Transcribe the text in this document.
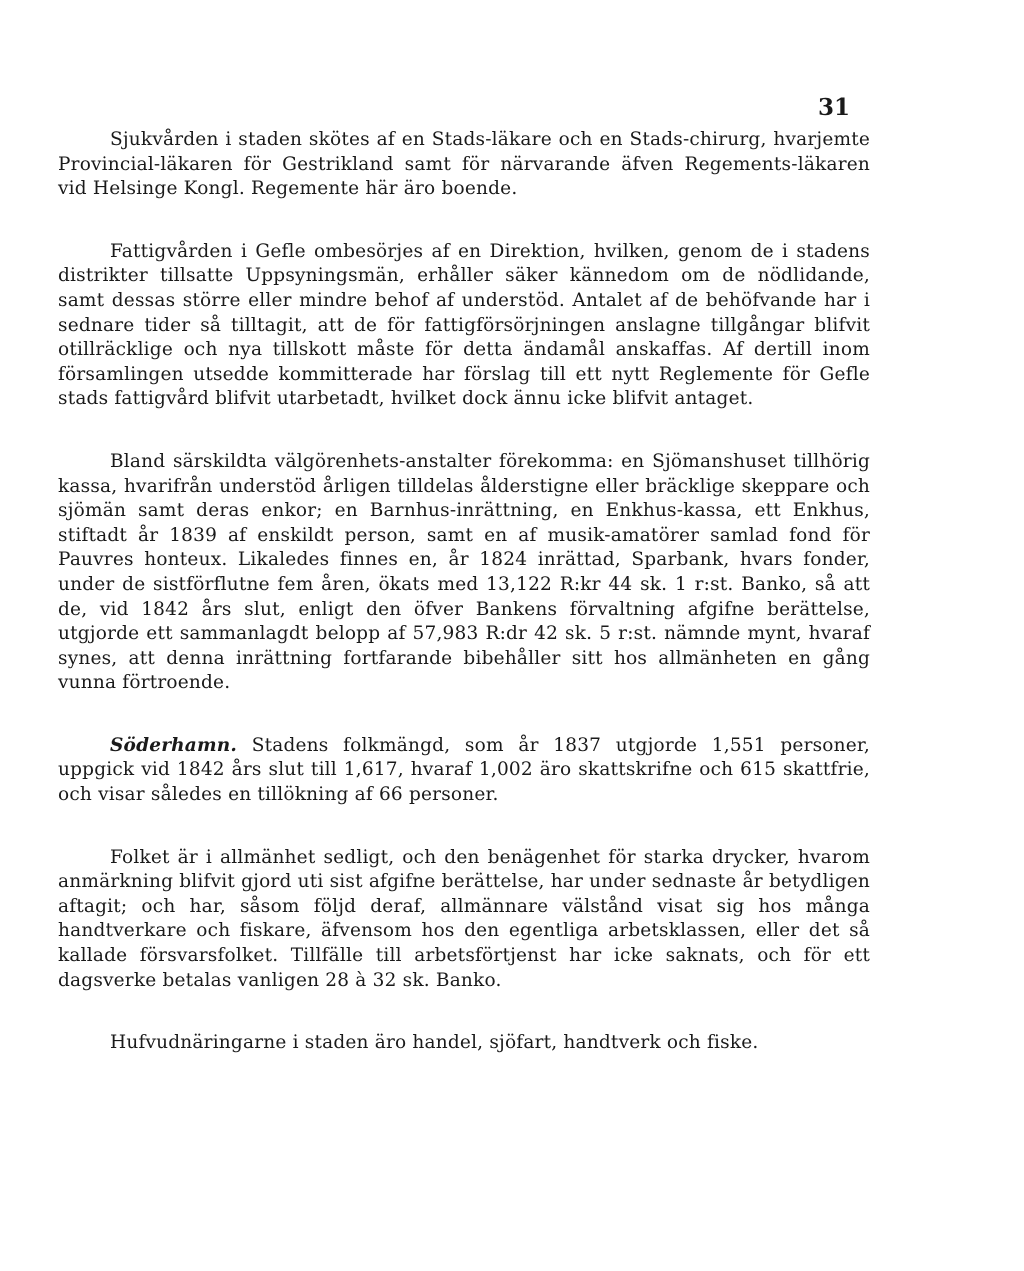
31

Sjukvården i staden skötes af en Stads-läkare och en Stads-chirurg, hvarjemte Provincial-läkaren för Gestrikland samt för närvarande äfven Regements-läkaren vid Helsinge Kongl. Regemente här äro boende.

Fattigvården i Gefle ombesörjes af en Direktion, hvilken, genom de i stadens distrikter tillsatte Uppsyningsmän, erhåller säker kännedom om de nödlidande, samt dessas större eller mindre behof af understöd. Antalet af de behöfvande har i sednare tider så tilltagit, att de för fattigförsörjningen anslagne tillgångar blifvit otillräcklige och nya tillskott måste för detta ändamål anskaffas. Af dertill inom församlingen utsedde kommitterade har förslag till ett nytt Reglemente för Gefle stads fattigvård blifvit utarbetadt, hvilket dock ännu icke blifvit antaget.

Bland särskildta välgörenhets-anstalter förekomma: en Sjömanshuset tillhörig kassa, hvarifrån understöd årligen tilldelas ålderstigne eller bräcklige skeppare och sjömän samt deras enkor; en Barnhus-inrättning, en Enkhus-kassa, ett Enkhus, stiftadt år 1839 af enskildt person, samt en af musik-amatörer samlad fond för Pauvres honteux. Likaledes finnes en, år 1824 inrättad, Sparbank, hvars fonder, under de sistförflutne fem åren, ökats med 13,122 R:kr 44 sk. 1 r:st. Banko, så att de, vid 1842 års slut, enligt den öfver Bankens förvaltning afgifne berättelse, utgjorde ett sammanlagdt belopp af 57,983 R:dr 42 sk. 5 r:st. nämnde mynt, hvaraf synes, att denna inrättning fortfarande bibehåller sitt hos allmänheten en gång vunna förtroende.

Söderhamn. Stadens folkmängd, som år 1837 utgjorde 1,551 personer, uppgick vid 1842 års slut till 1,617, hvaraf 1,002 äro skattskrifne och 615 skattfrie, och visar således en tillökning af 66 personer.

Folket är i allmänhet sedligt, och den benägenhet för starka drycker, hvarom anmärkning blifvit gjord uti sist afgifne berättelse, har under sednaste år betydligen aftagit; och har, såsom följd deraf, allmännare välstånd visat sig hos många handtverkare och fiskare, äfvensom hos den egentliga arbetsklassen, eller det så kallade försvarsfolket. Tillfälle till arbetsförtjenst har icke saknats, och för ett dagsverke betalas vanligen 28 à 32 sk. Banko.

Hufvudnäringarne i staden äro handel, sjöfart, handtverk och fiske.
